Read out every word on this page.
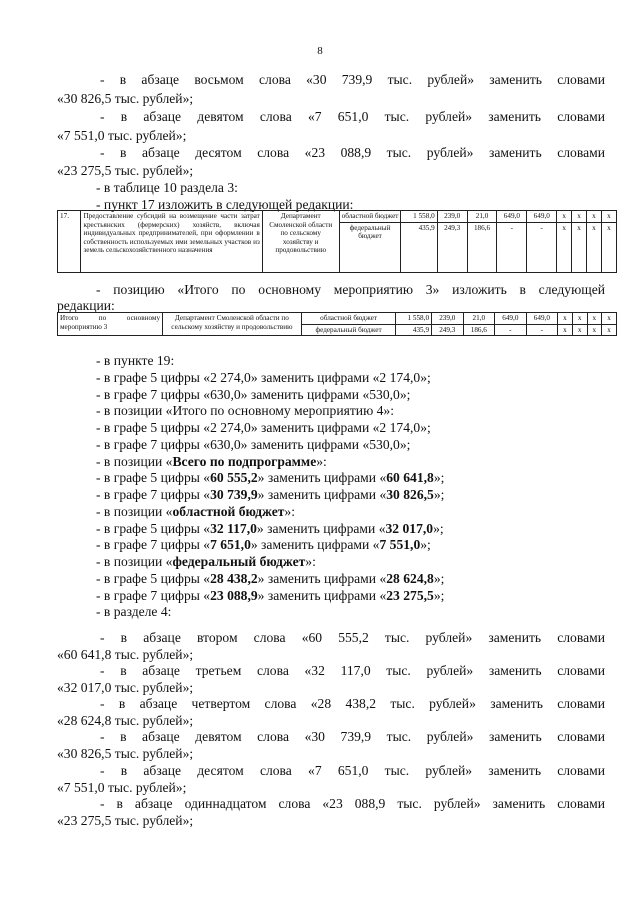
8
- в абзаце восьмом слова «30 739,9 тыс. рублей» заменить словами
«30 826,5 тыс. рублей»;
- в абзаце девятом слова «7 651,0 тыс. рублей» заменить словами
«7 551,0 тыс. рублей»;
- в абзаце десятом слова «23 088,9 тыс. рублей» заменить словами
«23 275,5 тыс. рублей»;
- в таблице 10 раздела 3:
- пункт 17 изложить в следующей редакции:
17.	Предоставление субсидий на возмещение части затрат крестьянских (фермерских) хозяйств, включая индивидуальных предпринимателей, при оформлении в собственность используемых ими земельных участков из земель сельскохозяйственного назначения	Департамент Смоленской области по сельскому хозяйству и продовольствию	областной бюджет	1 558,0	239,0	21,0	649,0	649,0	x	x	x	x
			федеральный бюджет	435,9	249,3	186,6	-	-	x	x	x	x
- позицию «Итого по основному мероприятию 3» изложить в следующей
редакции:
Итого по основному мероприятию 3	Департамент Смоленской области по сельскому хозяйству и продовольствию	областной бюджет	1 558,0	239,0	21,0	649,0	649,0	x	x	x	x
		федеральный бюджет	435,9	249,3	186,6	-	-	x	x	x	x
- в пункте 19:
- в графе 5 цифры «2 274,0» заменить цифрами «2 174,0»;
- в графе 7 цифры «630,0» заменить цифрами «530,0»;
- в позиции «Итого по основному мероприятию 4»:
- в графе 5 цифры «2 274,0» заменить цифрами «2 174,0»;
- в графе 7 цифры «630,0» заменить цифрами «530,0»;
- в позиции «Всего по подпрограмме»:
- в графе 5 цифры «60 555,2» заменить цифрами «60 641,8»;
- в графе 7 цифры «30 739,9» заменить цифрами «30 826,5»;
- в позиции «областной бюджет»:
- в графе 5 цифры «32 117,0» заменить цифрами «32 017,0»;
- в графе 7 цифры «7 651,0» заменить цифрами «7 551,0»;
- в позиции «федеральный бюджет»:
- в графе 5 цифры «28 438,2» заменить цифрами «28 624,8»;
- в графе 7 цифры «23 088,9» заменить цифрами «23 275,5»;
- в разделе 4:
- в абзаце втором слова «60 555,2 тыс. рублей» заменить словами
«60 641,8 тыс. рублей»;
- в абзаце третьем слова «32 117,0 тыс. рублей» заменить словами
«32 017,0 тыс. рублей»;
- в абзаце четвертом слова «28 438,2 тыс. рублей» заменить словами
«28 624,8 тыс. рублей»;
- в абзаце девятом слова «30 739,9 тыс. рублей» заменить словами
«30 826,5 тыс. рублей»;
- в абзаце десятом слова «7 651,0 тыс. рублей» заменить словами
«7 551,0 тыс. рублей»;
- в абзаце одиннадцатом слова «23 088,9 тыс. рублей» заменить словами
«23 275,5 тыс. рублей»;
